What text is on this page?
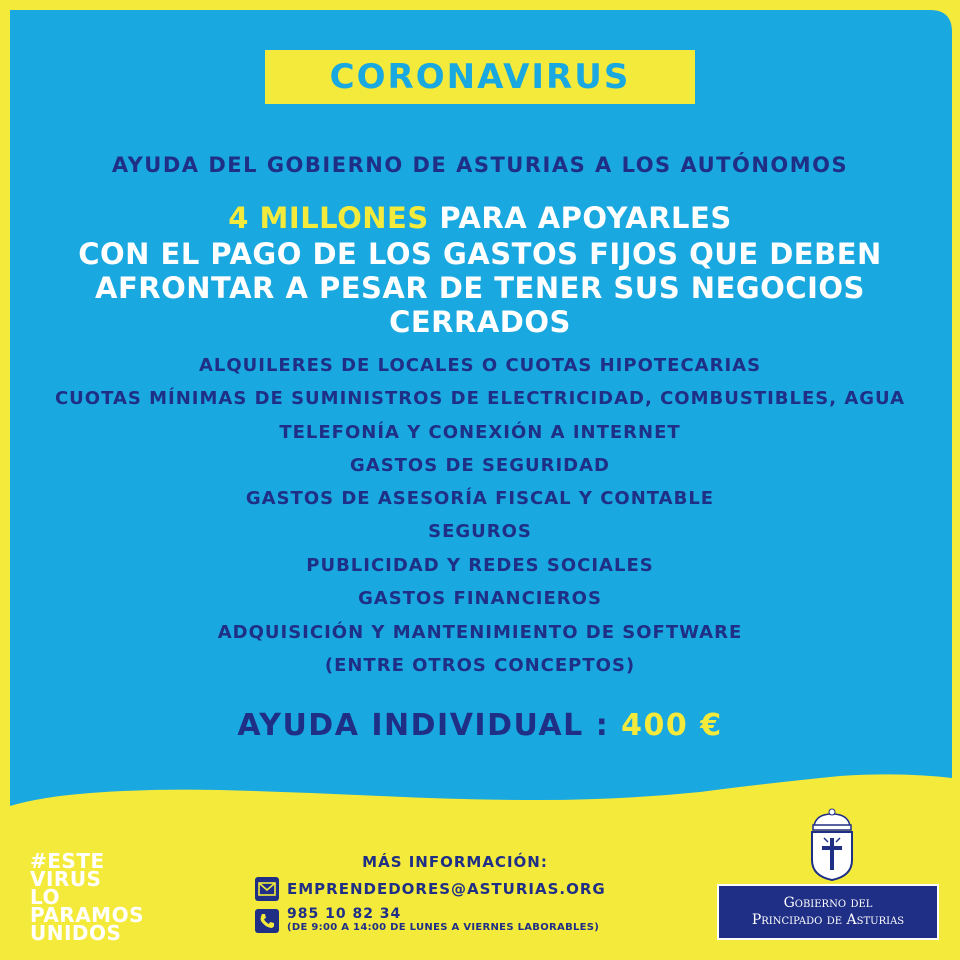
CORONAVIRUS
AYUDA DEL GOBIERNO DE ASTURIAS A LOS AUTÓNOMOS
4 MILLONES PARA APOYARLES
CON EL PAGO DE LOS GASTOS FIJOS QUE DEBEN
AFRONTAR A PESAR DE TENER SUS NEGOCIOS
CERRADOS
ALQUILERES DE LOCALES O CUOTAS HIPOTECARIAS
CUOTAS MÍNIMAS DE SUMINISTROS DE ELECTRICIDAD, COMBUSTIBLES, AGUA
TELEFONÍA Y CONEXIÓN A INTERNET
GASTOS DE SEGURIDAD
GASTOS DE ASESORÍA FISCAL Y CONTABLE
SEGUROS
PUBLICIDAD Y REDES SOCIALES
GASTOS FINANCIEROS
ADQUISICIÓN Y MANTENIMIENTO DE SOFTWARE
(ENTRE OTROS CONCEPTOS)
AYUDA INDIVIDUAL : 400 €
#ESTE
VIRUS
LO
PARAMOS
UNIDOS
MÁS INFORMACIÓN:
EMPRENDEDORES@ASTURIAS.ORG
985 10 82 34
(DE 9:00 A 14:00 DE LUNES A VIERNES LABORABLES)
Gobierno del
Principado de Asturias
